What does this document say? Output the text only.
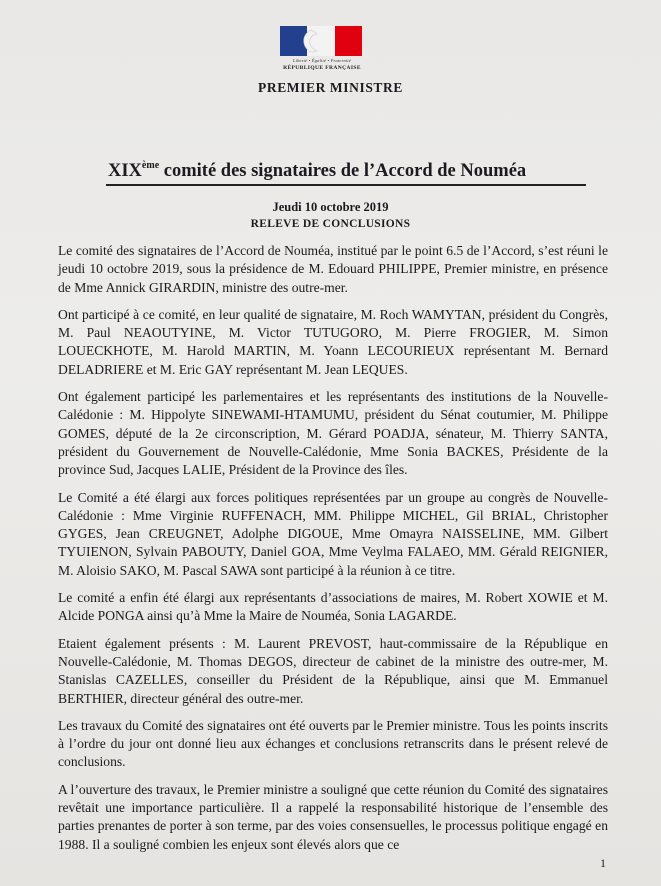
Liberté • Égalité • Fraternité
RÉPUBLIQUE FRANÇAISE
PREMIER MINISTRE
XIXème comité des signataires de l’Accord de Nouméa
Jeudi 10 octobre 2019
RELEVE DE CONCLUSIONS

Le comité des signataires de l’Accord de Nouméa, institué par le point 6.5 de l’Accord, s’est réuni le jeudi 10 octobre 2019, sous la présidence de M. Edouard PHILIPPE, Premier ministre, en présence de Mme Annick GIRARDIN, ministre des outre-mer.

Ont participé à ce comité, en leur qualité de signataire, M. Roch WAMYTAN, président du Congrès, M. Paul NEAOUTYINE, M. Victor TUTUGORO, M. Pierre FROGIER, M. Simon LOUECKHOTE, M. Harold MARTIN, M. Yoann LECOURIEUX représentant M. Bernard DELADRIERE et M. Eric GAY représentant M. Jean LEQUES.

Ont également participé les parlementaires et les représentants des institutions de la Nouvelle-Calédonie : M. Hippolyte SINEWAMI-HTAMUMU, président du Sénat coutumier, M. Philippe GOMES, député de la 2e circonscription, M. Gérard POADJA, sénateur, M. Thierry SANTA, président du Gouvernement de Nouvelle-Calédonie, Mme Sonia BACKES, Présidente de la province Sud, Jacques LALIE, Président de la Province des îles.

Le Comité a été élargi aux forces politiques représentées par un groupe au congrès de Nouvelle-Calédonie : Mme Virginie RUFFENACH, MM. Philippe MICHEL, Gil BRIAL, Christopher GYGES, Jean CREUGNET, Adolphe DIGOUE, Mme Omayra NAISSELINE, MM. Gilbert TYUIENON, Sylvain PABOUTY, Daniel GOA, Mme Veylma FALAEO, MM. Gérald REIGNIER, M. Aloisio SAKO, M. Pascal SAWA sont participé à la réunion à ce titre.

Le comité a enfin été élargi aux représentants d’associations de maires, M. Robert XOWIE et M. Alcide PONGA ainsi qu’à Mme la Maire de Nouméa, Sonia LAGARDE.

Etaient également présents : M. Laurent PREVOST, haut-commissaire de la République en Nouvelle-Calédonie, M. Thomas DEGOS, directeur de cabinet de la ministre des outre-mer, M. Stanislas CAZELLES, conseiller du Président de la République, ainsi que M. Emmanuel BERTHIER, directeur général des outre-mer.

Les travaux du Comité des signataires ont été ouverts par le Premier ministre. Tous les points inscrits à l’ordre du jour ont donné lieu aux échanges et conclusions retranscrits dans le présent relevé de conclusions.

A l’ouverture des travaux, le Premier ministre a souligné que cette réunion du Comité des signataires revêtait une importance particulière. Il a rappelé la responsabilité historique de l’ensemble des parties prenantes de porter à son terme, par des voies consensuelles, le processus politique engagé en 1988. Il a souligné combien les enjeux sont élevés alors que ce

1
